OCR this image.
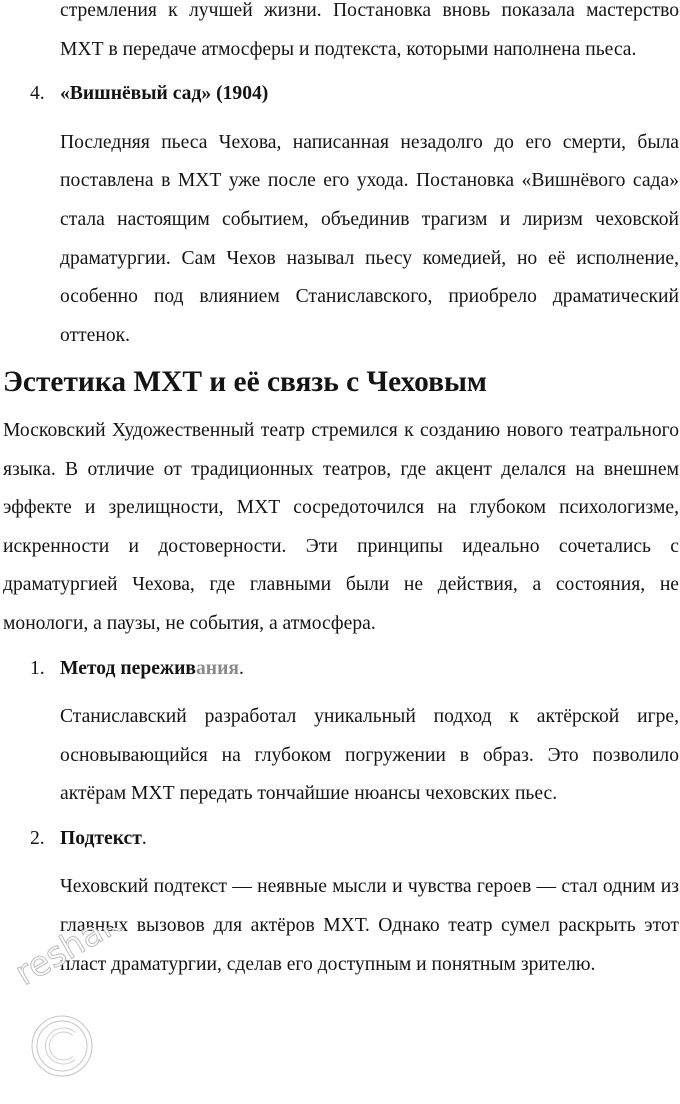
стремления к лучшей жизни. Постановка вновь показала мастерство МХТ в передаче атмосферы и подтекста, которыми наполнена пьеса.

4. «Вишнёвый сад» (1904)

Последняя пьеса Чехова, написанная незадолго до его смерти, была поставлена в МХТ уже после его ухода. Постановка «Вишнёвого сада» стала настоящим событием, объединив трагизм и лиризм чеховской драматургии. Сам Чехов называл пьесу комедией, но её исполнение, особенно под влиянием Станиславского, приобрело драматический оттенок.

Эстетика МХТ и её связь с Чеховым

Московский Художественный театр стремился к созданию нового театрального языка. В отличие от традиционных театров, где акцент делался на внешнем эффекте и зрелищности, МХТ сосредоточился на глубоком психологизме, искренности и достоверности. Эти принципы идеально сочетались с драматургией Чехова, где главными были не действия, а состояния, не монологи, а паузы, не события, а атмосфера.

1. Метод переживания.

Станиславский разработал уникальный подход к актёрской игре, основывающийся на глубоком погружении в образ. Это позволило актёрам МХТ передать тончайшие нюансы чеховских пьес.

2. Подтекст.

Чеховский подтекст — неявные мысли и чувства героев — стал одним из главных вызовов для актёров МХТ. Однако театр сумел раскрыть этот пласт драматургии, сделав его доступным и понятным зрителю.

reshak.ru
